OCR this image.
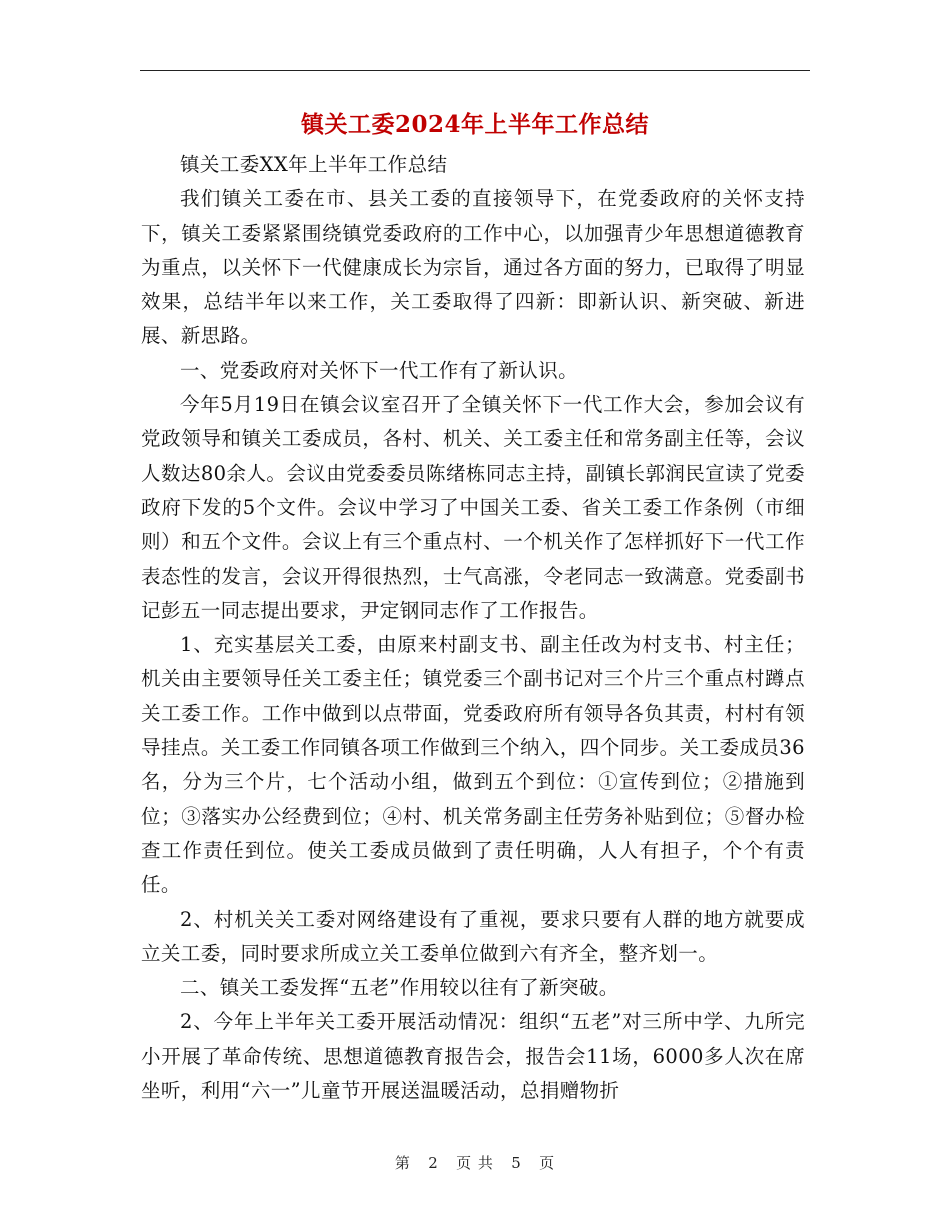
镇关工委2024年上半年工作总结

镇关工委XX年上半年工作总结

我们镇关工委在市、县关工委的直接领导下，在党委政府的关怀支持下，镇关工委紧紧围绕镇党委政府的工作中心，以加强青少年思想道德教育为重点，以关怀下一代健康成长为宗旨，通过各方面的努力，已取得了明显效果，总结半年以来工作，关工委取得了四新：即新认识、新突破、新进展、新思路。

一、党委政府对关怀下一代工作有了新认识。

今年5月19日在镇会议室召开了全镇关怀下一代工作大会，参加会议有党政领导和镇关工委成员，各村、机关、关工委主任和常务副主任等，会议人数达80余人。会议由党委委员陈绪栋同志主持，副镇长郭润民宣读了党委政府下发的5个文件。会议中学习了中国关工委、省关工委工作条例（市细则）和五个文件。会议上有三个重点村、一个机关作了怎样抓好下一代工作表态性的发言，会议开得很热烈，士气高涨，令老同志一致满意。党委副书记彭五一同志提出要求，尹定钢同志作了工作报告。

1、充实基层关工委，由原来村副支书、副主任改为村支书、村主任；机关由主要领导任关工委主任；镇党委三个副书记对三个片三个重点村蹲点关工委工作。工作中做到以点带面，党委政府所有领导各负其责，村村有领导挂点。关工委工作同镇各项工作做到三个纳入，四个同步。关工委成员36名，分为三个片，七个活动小组，做到五个到位：①宣传到位；②措施到位；③落实办公经费到位；④村、机关常务副主任劳务补贴到位；⑤督办检查工作责任到位。使关工委成员做到了责任明确，人人有担子，个个有责任。

2、村机关关工委对网络建设有了重视，要求只要有人群的地方就要成立关工委，同时要求所成立关工委单位做到六有齐全，整齐划一。

二、镇关工委发挥“五老”作用较以往有了新突破。

2、今年上半年关工委开展活动情况：组织“五老”对三所中学、九所完小开展了革命传统、思想道德教育报告会，报告会11场，6000多人次在席坐听，利用“六一”儿童节开展送温暖活动，总捐赠物折

第 2 页 共 5 页
